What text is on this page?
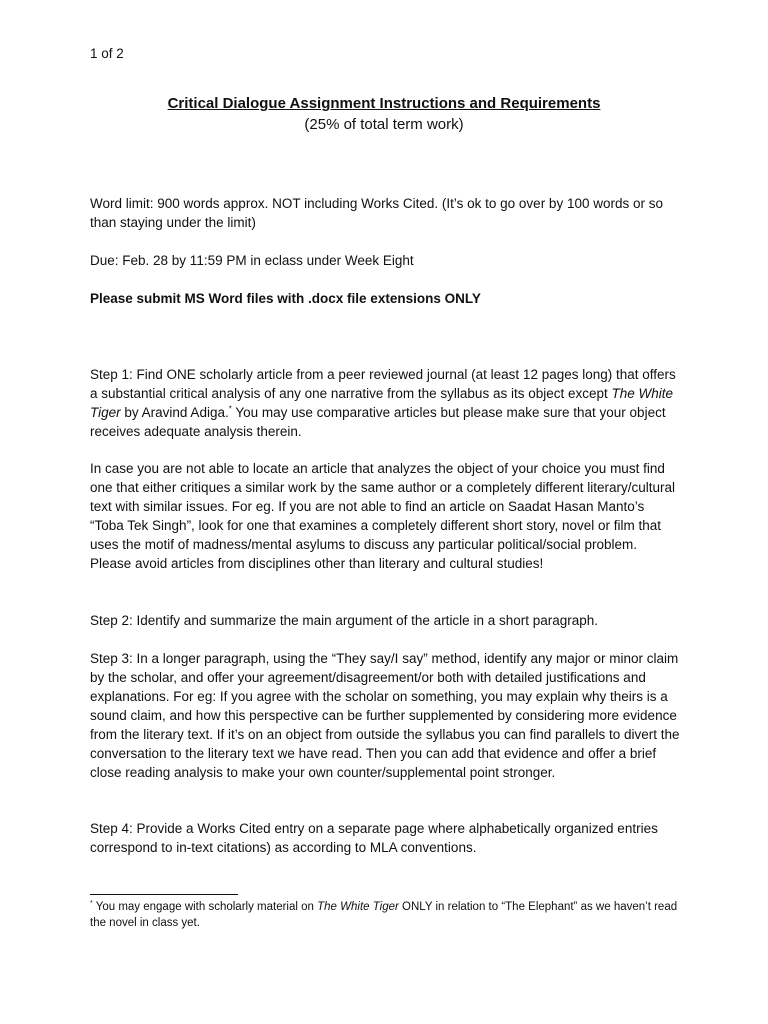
1 of 2
Critical Dialogue Assignment Instructions and Requirements
(25% of total term work)

Word limit: 900 words approx. NOT including Works Cited. (It’s ok to go over by 100 words or so than staying under the limit)

Due: Feb. 28 by 11:59 PM in eclass under Week Eight

Please submit MS Word files with .docx file extensions ONLY

Step 1: Find ONE scholarly article from a peer reviewed journal (at least 12 pages long) that offers a substantial critical analysis of any one narrative from the syllabus as its object except The White Tiger by Aravind Adiga.* You may use comparative articles but please make sure that your object receives adequate analysis therein.

In case you are not able to locate an article that analyzes the object of your choice you must find one that either critiques a similar work by the same author or a completely different literary/cultural text with similar issues. For eg. If you are not able to find an article on Saadat Hasan Manto’s “Toba Tek Singh”, look for one that examines a completely different short story, novel or film that uses the motif of madness/mental asylums to discuss any particular political/social problem. Please avoid articles from disciplines other than literary and cultural studies!

Step 2: Identify and summarize the main argument of the article in a short paragraph.

Step 3: In a longer paragraph, using the “They say/I say” method, identify any major or minor claim by the scholar, and offer your agreement/disagreement/or both with detailed justifications and explanations. For eg: If you agree with the scholar on something, you may explain why theirs is a sound claim, and how this perspective can be further supplemented by considering more evidence from the literary text. If it’s on an object from outside the syllabus you can find parallels to divert the conversation to the literary text we have read. Then you can add that evidence and offer a brief close reading analysis to make your own counter/supplemental point stronger.

Step 4: Provide a Works Cited entry on a separate page where alphabetically organized entries correspond to in-text citations) as according to MLA conventions.

* You may engage with scholarly material on The White Tiger ONLY in relation to “The Elephant” as we haven’t read the novel in class yet.
